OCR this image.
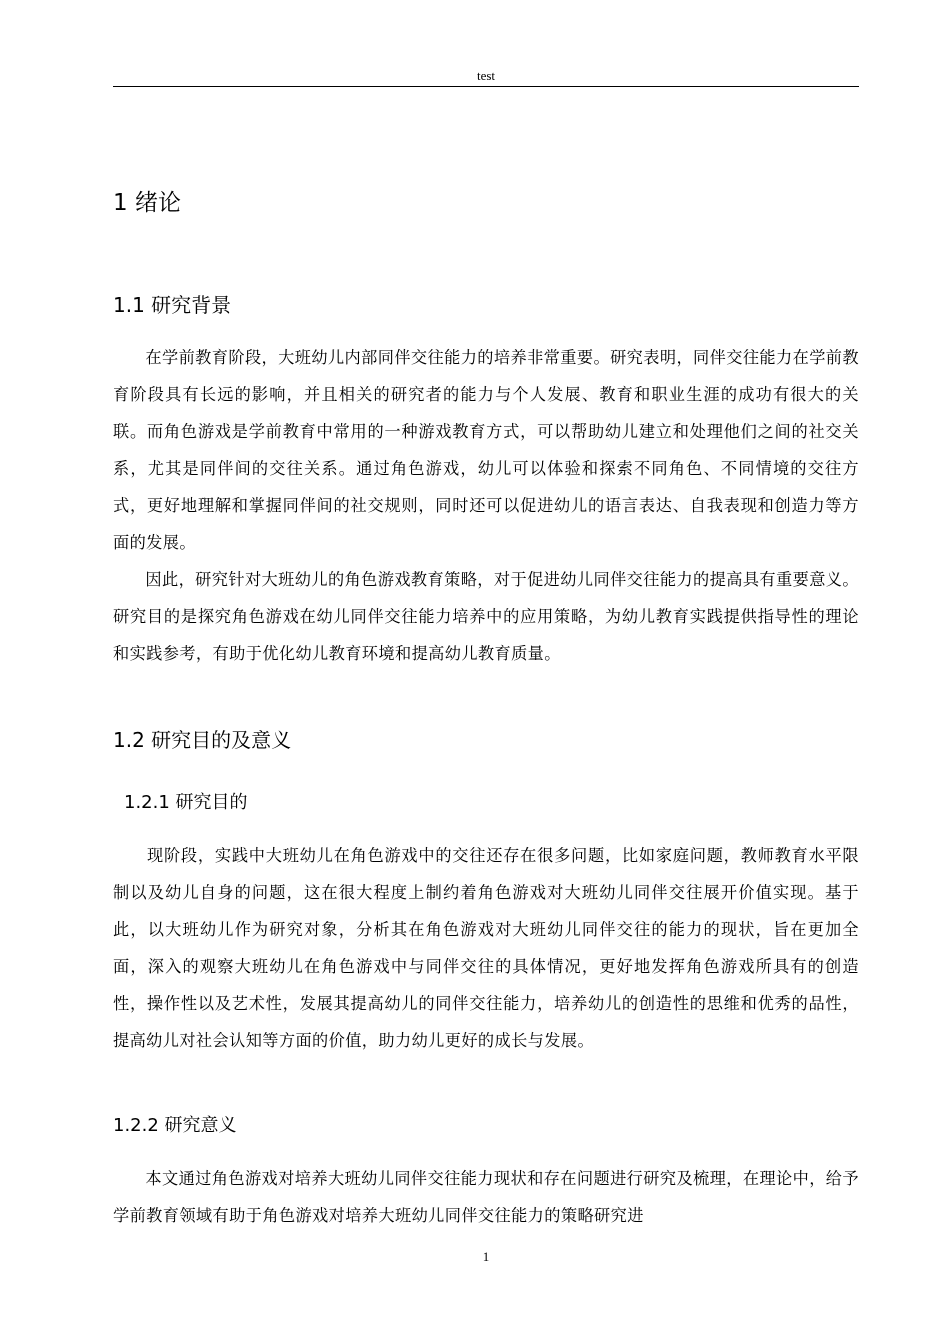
test
1 绪论
1.1 研究背景

在学前教育阶段，大班幼儿内部同伴交往能力的培养非常重要。研究表明，同伴交往能力在学前教育阶段具有长远的影响，并且相关的研究者的能力与个人发展、教育和职业生涯的成功有很大的关联。而角色游戏是学前教育中常用的一种游戏教育方式，可以帮助幼儿建立和处理他们之间的社交关系，尤其是同伴间的交往关系。通过角色游戏，幼儿可以体验和探索不同角色、不同情境的交往方式，更好地理解和掌握同伴间的社交规则，同时还可以促进幼儿的语言表达、自我表现和创造力等方面的发展。

因此，研究针对大班幼儿的角色游戏教育策略，对于促进幼儿同伴交往能力的提高具有重要意义。研究目的是探究角色游戏在幼儿同伴交往能力培养中的应用策略，为幼儿教育实践提供指导性的理论和实践参考，有助于优化幼儿教育环境和提高幼儿教育质量。

1.2 研究目的及意义
1.2.1 研究目的

现阶段，实践中大班幼儿在角色游戏中的交往还存在很多问题，比如家庭问题，教师教育水平限制以及幼儿自身的问题，这在很大程度上制约着角色游戏对大班幼儿同伴交往展开价值实现。基于此，以大班幼儿作为研究对象，分析其在角色游戏对大班幼儿同伴交往的能力的现状，旨在更加全面，深入的观察大班幼儿在角色游戏中与同伴交往的具体情况，更好地发挥角色游戏所具有的创造性，操作性以及艺术性，发展其提高幼儿的同伴交往能力，培养幼儿的创造性的思维和优秀的品性，提高幼儿对社会认知等方面的价值，助力幼儿更好的成长与发展。

1.2.2 研究意义

本文通过角色游戏对培养大班幼儿同伴交往能力现状和存在问题进行研究及梳理，在理论中，给予学前教育领域有助于角色游戏对培养大班幼儿同伴交往能力的策略研究进

1
